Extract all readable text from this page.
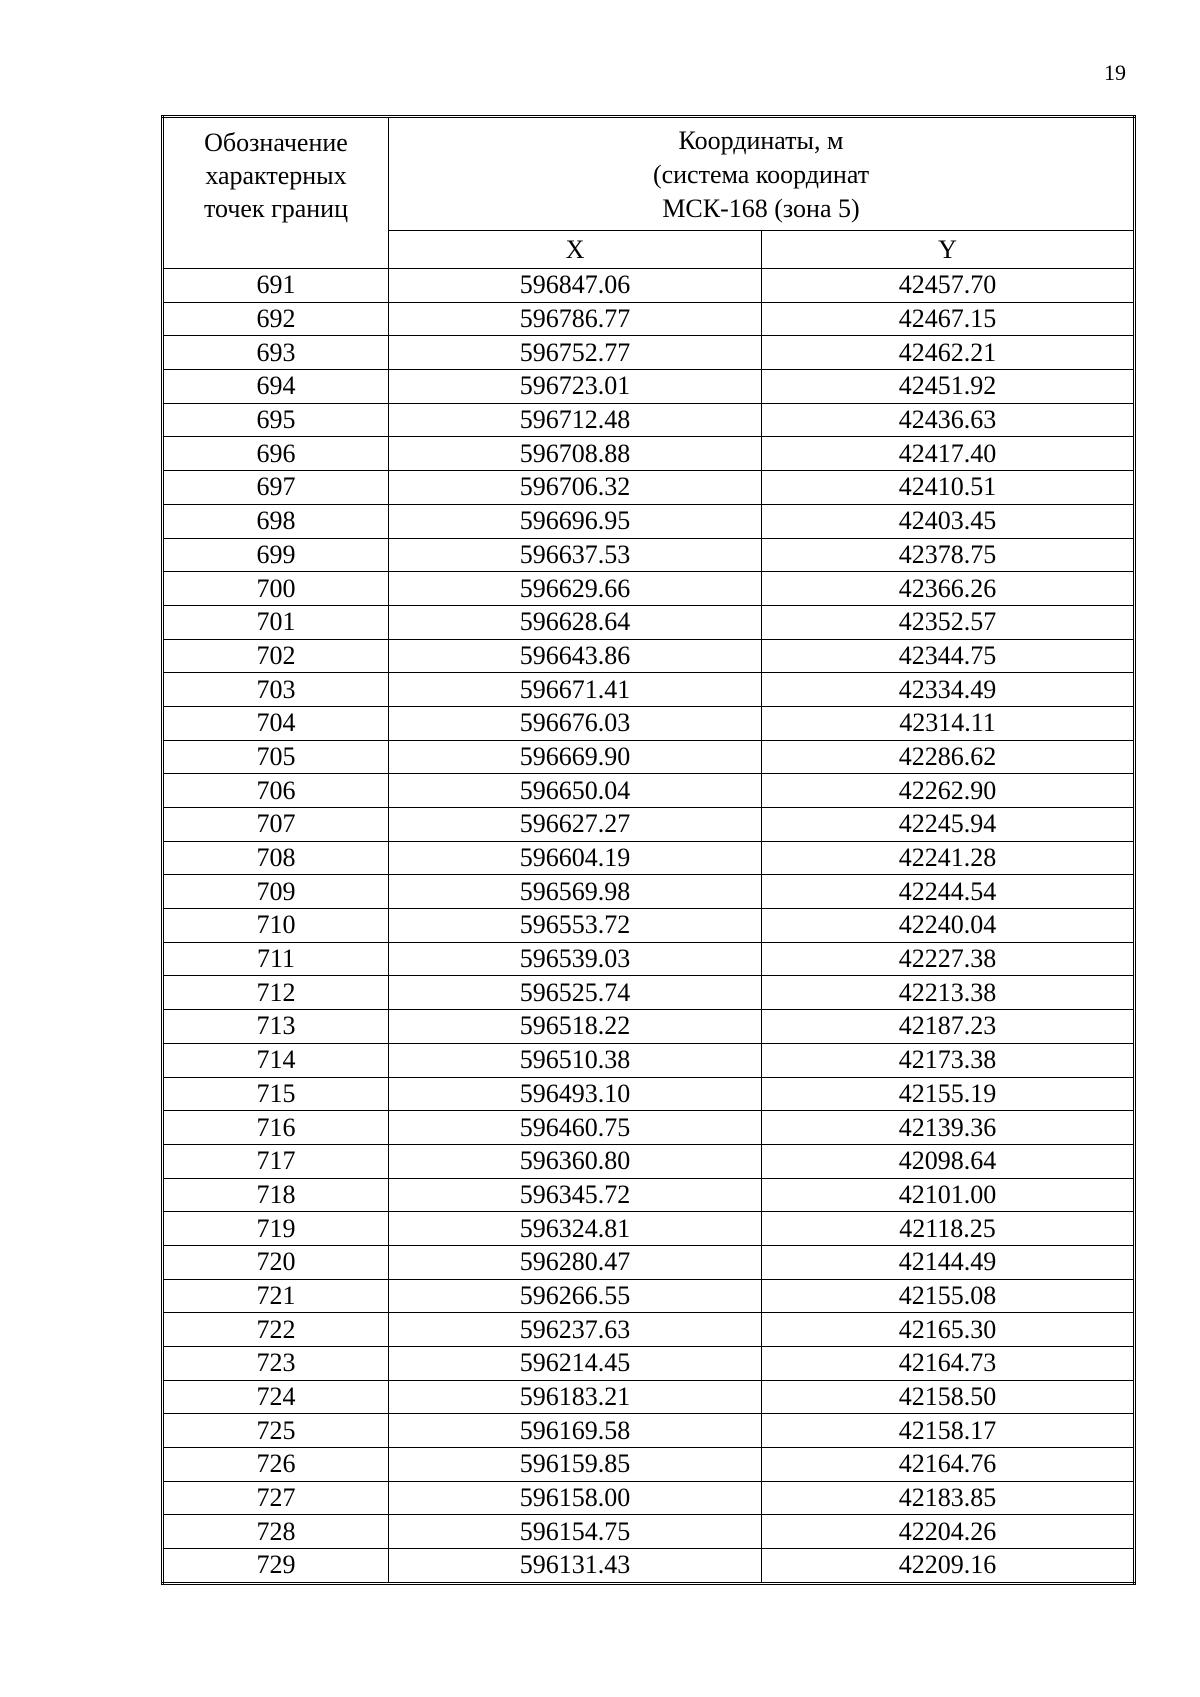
19
Обозначение
характерных
точек границ	Координаты, м
(система координат
МСК-168 (зона 5)	

	X	Y
691	596847.06	42457.70
692	596786.77	42467.15
693	596752.77	42462.21
694	596723.01	42451.92
695	596712.48	42436.63
696	596708.88	42417.40
697	596706.32	42410.51
698	596696.95	42403.45
699	596637.53	42378.75
700	596629.66	42366.26
701	596628.64	42352.57
702	596643.86	42344.75
703	596671.41	42334.49
704	596676.03	42314.11
705	596669.90	42286.62
706	596650.04	42262.90
707	596627.27	42245.94
708	596604.19	42241.28
709	596569.98	42244.54
710	596553.72	42240.04
711	596539.03	42227.38
712	596525.74	42213.38
713	596518.22	42187.23
714	596510.38	42173.38
715	596493.10	42155.19
716	596460.75	42139.36
717	596360.80	42098.64
718	596345.72	42101.00
719	596324.81	42118.25
720	596280.47	42144.49
721	596266.55	42155.08
722	596237.63	42165.30
723	596214.45	42164.73
724	596183.21	42158.50
725	596169.58	42158.17
726	596159.85	42164.76
727	596158.00	42183.85
728	596154.75	42204.26
729	596131.43	42209.16
